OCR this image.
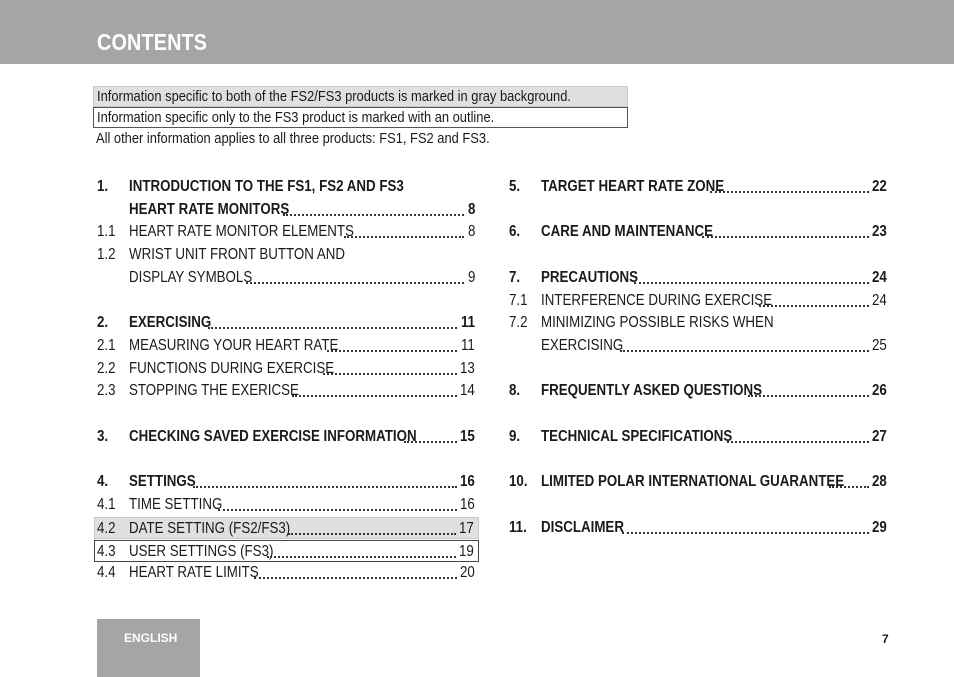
CONTENTS
Information specific to both of the FS2/FS3 products is marked in gray background.
Information specific only to the FS3 product is marked with an outline.
All other information applies to all three products: FS1, FS2 and FS3.
1. INTRODUCTION TO THE FS1, FS2 AND FS3
HEART RATE MONITORS	8
1.1 HEART RATE MONITOR ELEMENTS	8
1.2 WRIST UNIT FRONT BUTTON AND
DISPLAY SYMBOLS	9
2. EXERCISING	11
2.1 MEASURING YOUR HEART RATE	11
2.2 FUNCTIONS DURING EXERCISE	13
2.3 STOPPING THE EXERICSE	14
3. CHECKING SAVED EXERCISE INFORMATION	15
4. SETTINGS	16
4.1 TIME SETTING	16
4.2 DATE SETTING (FS2/FS3)	17
4.3 USER SETTINGS (FS3)	19
4.4 HEART RATE LIMITS	20
5. TARGET HEART RATE ZONE	22
6. CARE AND MAINTENANCE	23
7. PRECAUTIONS	24
7.1 INTERFERENCE DURING EXERCISE	24
7.2 MINIMIZING POSSIBLE RISKS WHEN
EXERCISING	25
8. FREQUENTLY ASKED QUESTIONS	26
9. TECHNICAL SPECIFICATIONS	27
10. LIMITED POLAR INTERNATIONAL GUARANTEE 28
11. DISCLAIMER	29
ENGLISH	7
